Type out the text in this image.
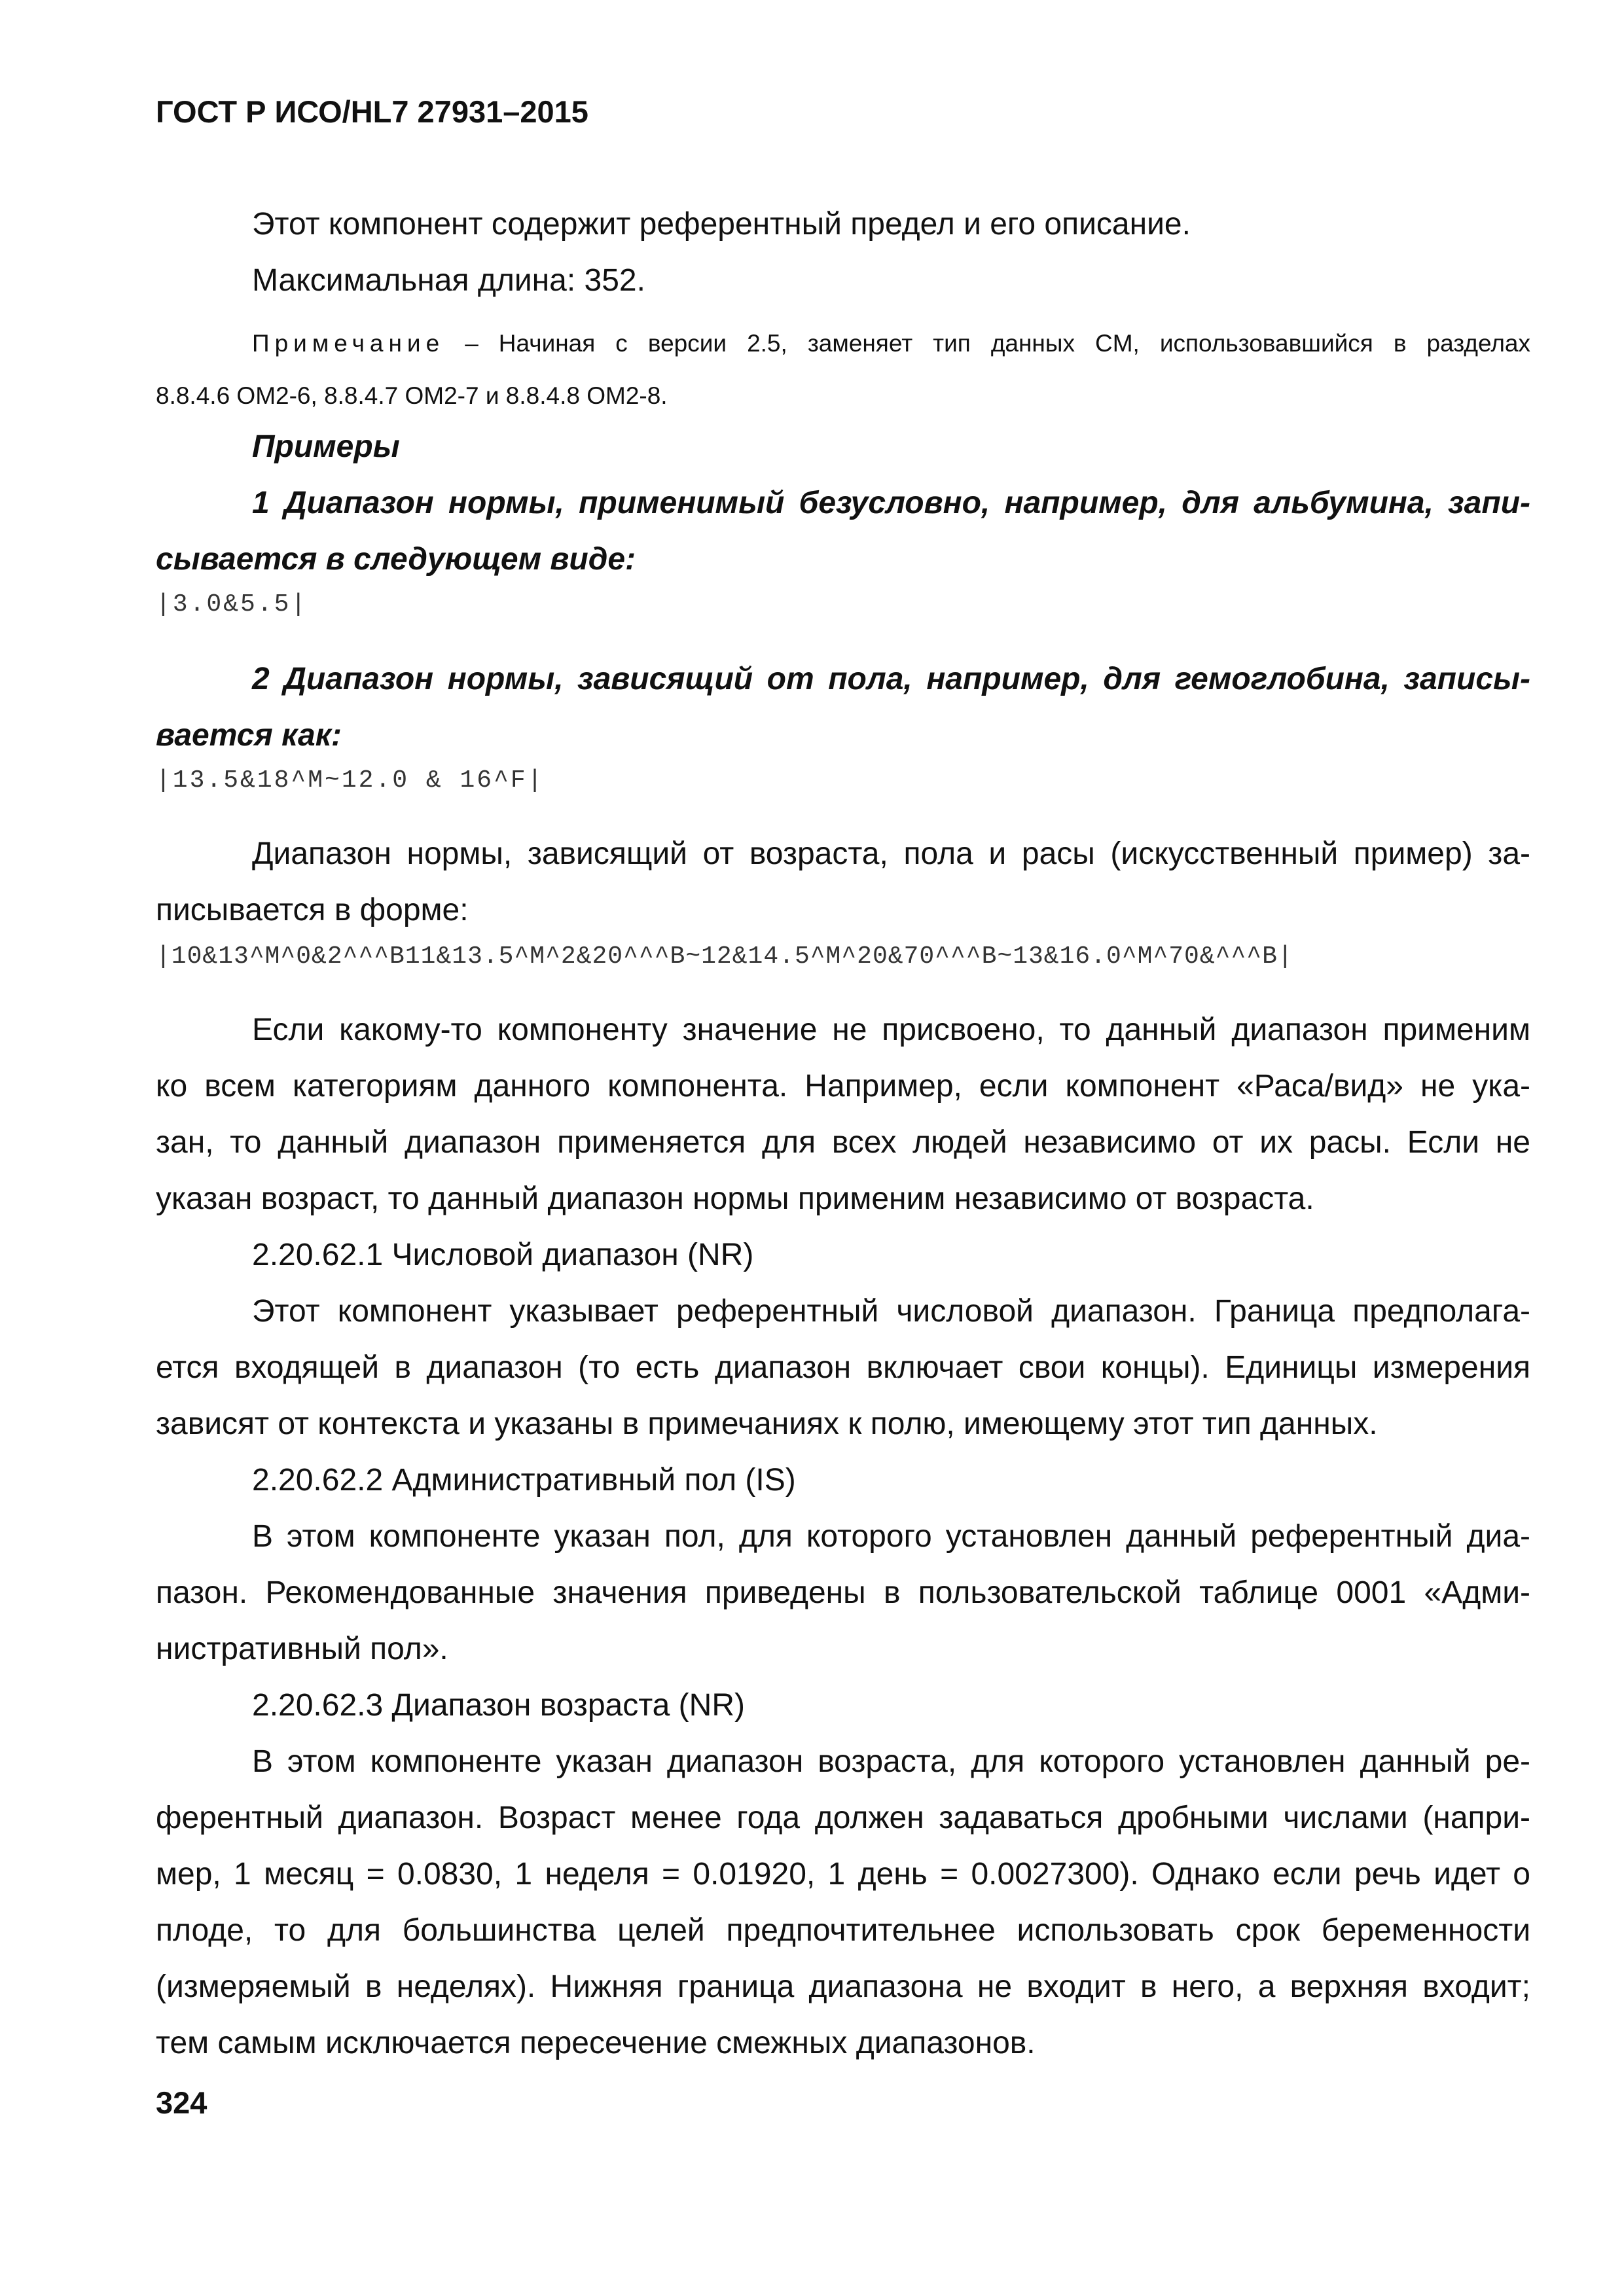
ГОСТ Р ИСО/HL7 27931–2015
Этот компонент содержит референтный предел и его описание.
Максимальная длина: 352.
Примечание – Начиная с версии 2.5, заменяет тип данных CM, использовавшийся в разделах
8.8.4.6 OM2-6, 8.8.4.7 OM2-7 и 8.8.4.8 OM2-8.
Примеры
1 Диапазон нормы, применимый безусловно, например, для альбумина, запи-
сывается в следующем виде:
|3.0&5.5|
2 Диапазон нормы, зависящий от пола, например, для гемоглобина, записы-
вается как:
|13.5&18^M~12.0 & 16^F|
Диапазон нормы, зависящий от возраста, пола и расы (искусственный пример) за-
писывается в форме:
|10&13^M^0&2^^^B11&13.5^M^2&20^^^B~12&14.5^M^20&70^^^B~13&16.0^M^70&^^^B|
Если какому-то компоненту значение не присвоено, то данный диапазон применим
ко всем категориям данного компонента. Например, если компонент «Раса/вид» не ука-
зан, то данный диапазон применяется для всех людей независимо от их расы. Если не
указан возраст, то данный диапазон нормы применим независимо от возраста.
2.20.62.1 Числовой диапазон (NR)
Этот компонент указывает референтный числовой диапазон. Граница предполага-
ется входящей в диапазон (то есть диапазон включает свои концы). Единицы измерения
зависят от контекста и указаны в примечаниях к полю, имеющему этот тип данных.
2.20.62.2 Административный пол (IS)
В этом компоненте указан пол, для которого установлен данный референтный диа-
пазон. Рекомендованные значения приведены в пользовательской таблице 0001 «Адми-
нистративный пол».
2.20.62.3 Диапазон возраста (NR)
В этом компоненте указан диапазон возраста, для которого установлен данный ре-
ферентный диапазон. Возраст менее года должен задаваться дробными числами (напри-
мер, 1 месяц = 0.0830, 1 неделя = 0.01920, 1 день = 0.0027300). Однако если речь идет о
плоде, то для большинства целей предпочтительнее использовать срок беременности
(измеряемый в неделях). Нижняя граница диапазона не входит в него, а верхняя входит;
тем самым исключается пересечение смежных диапазонов.
324
